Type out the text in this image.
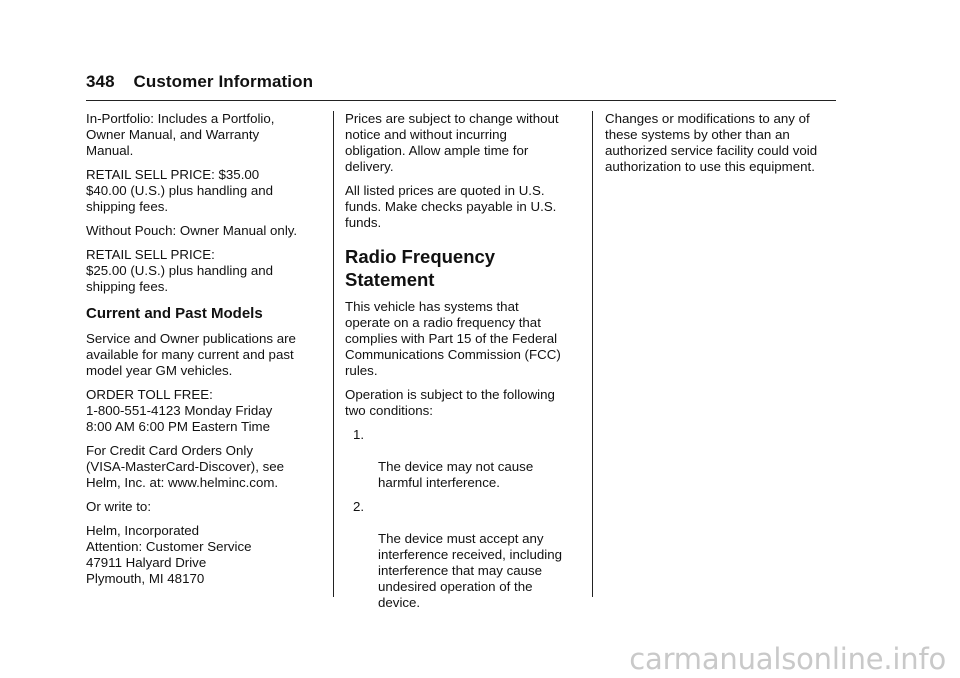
348 Customer Information

In-Portfolio: Includes a Portfolio,
Owner Manual, and Warranty
Manual.

RETAIL SELL PRICE: $35.00
$40.00 (U.S.) plus handling and
shipping fees.

Without Pouch: Owner Manual only.

RETAIL SELL PRICE:
$25.00 (U.S.) plus handling and
shipping fees.

Current and Past Models

Service and Owner publications are
available for many current and past
model year GM vehicles.

ORDER TOLL FREE:
1-800-551-4123 Monday Friday
8:00 AM 6:00 PM Eastern Time

For Credit Card Orders Only
(VISA-MasterCard-Discover), see
Helm, Inc. at: www.helminc.com.

Or write to:

Helm, Incorporated
Attention: Customer Service
47911 Halyard Drive
Plymouth, MI 48170

Prices are subject to change without
notice and without incurring
obligation. Allow ample time for
delivery.

All listed prices are quoted in U.S.
funds. Make checks payable in U.S.
funds.

Radio Frequency
Statement

This vehicle has systems that
operate on a radio frequency that
complies with Part 15 of the Federal
Communications Commission (FCC)
rules.

Operation is subject to the following
two conditions:

1.

The device may not cause
harmful interference.

2.

The device must accept any
interference received, including
interference that may cause
undesired operation of the
device.

Changes or modifications to any of
these systems by other than an
authorized service facility could void
authorization to use this equipment.

carmanualsonline.info
